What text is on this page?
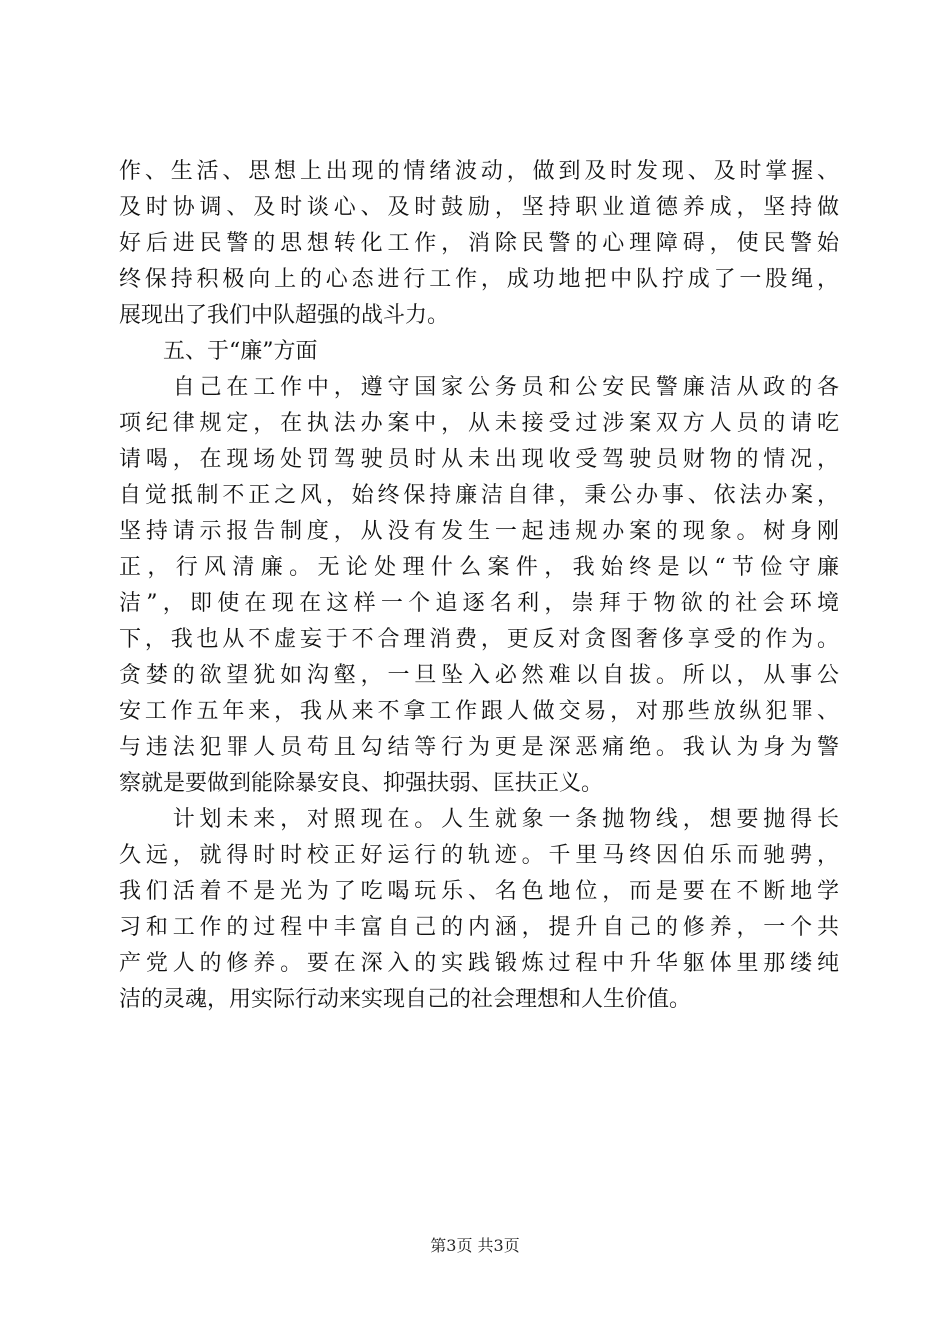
作、生活、思想上出现的情绪波动，做到及时发现、及时掌握、
及时协调、及时谈心、及时鼓励，坚持职业道德养成，坚持做
好后进民警的思想转化工作，消除民警的心理障碍，使民警始
终保持积极向上的心态进行工作，成功地把中队拧成了一股绳，
展现出了我们中队超强的战斗力。
　　五、于“廉”方面
　　自己在工作中，遵守国家公务员和公安民警廉洁从政的各
项纪律规定，在执法办案中，从未接受过涉案双方人员的请吃
请喝，在现场处罚驾驶员时从未出现收受驾驶员财物的情况，
自觉抵制不正之风，始终保持廉洁自律，秉公办事、依法办案，
坚持请示报告制度，从没有发生一起违规办案的现象。树身刚
正，行风清廉。无论处理什么案件，我始终是以“节俭守廉
洁”，即使在现在这样一个追逐名利，崇拜于物欲的社会环境
下，我也从不虚妄于不合理消费，更反对贪图奢侈享受的作为。
贪婪的欲望犹如沟壑，一旦坠入必然难以自拔。所以，从事公
安工作五年来，我从来不拿工作跟人做交易，对那些放纵犯罪、
与违法犯罪人员苟且勾结等行为更是深恶痛绝。我认为身为警
察就是要做到能除暴安良、抑强扶弱、匡扶正义。
　　计划未来，对照现在。人生就象一条抛物线，想要抛得长
久远，就得时时校正好运行的轨迹。千里马终因伯乐而驰骋，
我们活着不是光为了吃喝玩乐、名色地位，而是要在不断地学
习和工作的过程中丰富自己的内涵，提升自己的修养，一个共
产党人的修养。要在深入的实践锻炼过程中升华躯体里那缕纯
洁的灵魂，用实际行动来实现自己的社会理想和人生价值。
第3页 共3页
